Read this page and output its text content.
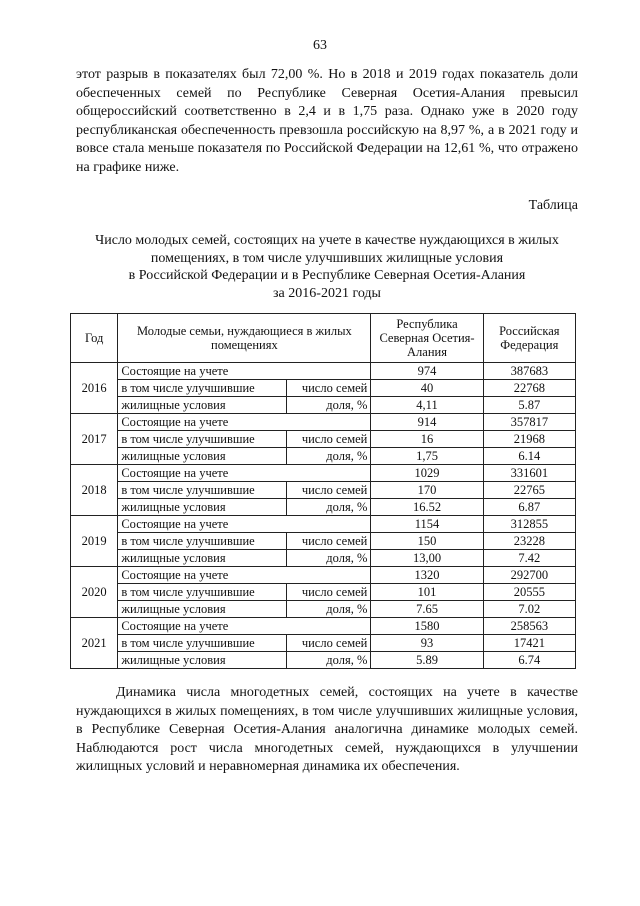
63

этот разрыв в показателях был 72,00 %. Но в 2018 и 2019 годах показатель доли обеспеченных семей по Республике Северная Осетия-Алания превысил общероссийский соответственно в 2,4 и в 1,75 раза. Однако уже в 2020 году республиканская обеспеченность превзошла российскую на 8,97 %, а в 2021 году и вовсе стала меньше показателя по Российской Федерации на 12,61 %, что отражено на графике ниже.

Таблица

Число молодых семей, состоящих на учете в качестве нуждающихся в жилых
помещениях, в том числе улучшивших жилищные условия
в Российской Федерации и в Республике Северная Осетия-Алания
за 2016-2021 годы

Год	Молодые семьи, нуждающиеся в жилых помещениях		Республика Северная Осетия-Алания	Российская Федерация
2016	Состоящие на учете		974	387683
	в том числе улучшившие	число семей	40	22768
	жилищные условия	доля, %	4,11	5.87
2017	Состоящие на учете		914	357817
	в том числе улучшившие	число семей	16	21968
	жилищные условия	доля, %	1,75	6.14
2018	Состоящие на учете		1029	331601
	в том числе улучшившие	число семей	170	22765
	жилищные условия	доля, %	16.52	6.87
2019	Состоящие на учете		1154	312855
	в том числе улучшившие	число семей	150	23228
	жилищные условия	доля, %	13,00	7.42
2020	Состоящие на учете		1320	292700
	в том числе улучшившие	число семей	101	20555
	жилищные условия	доля, %	7.65	7.02
2021	Состоящие на учете		1580	258563
	в том числе улучшившие	число семей	93	17421
	жилищные условия	доля, %	5.89	6.74

Динамика числа многодетных семей, состоящих на учете в качестве нуждающихся в жилых помещениях, в том числе улучшивших жилищные условия, в Республике Северная Осетия-Алания аналогична динамике молодых семей. Наблюдаются рост числа многодетных семей, нуждающихся в улучшении жилищных условий и неравномерная динамика их обеспечения.
